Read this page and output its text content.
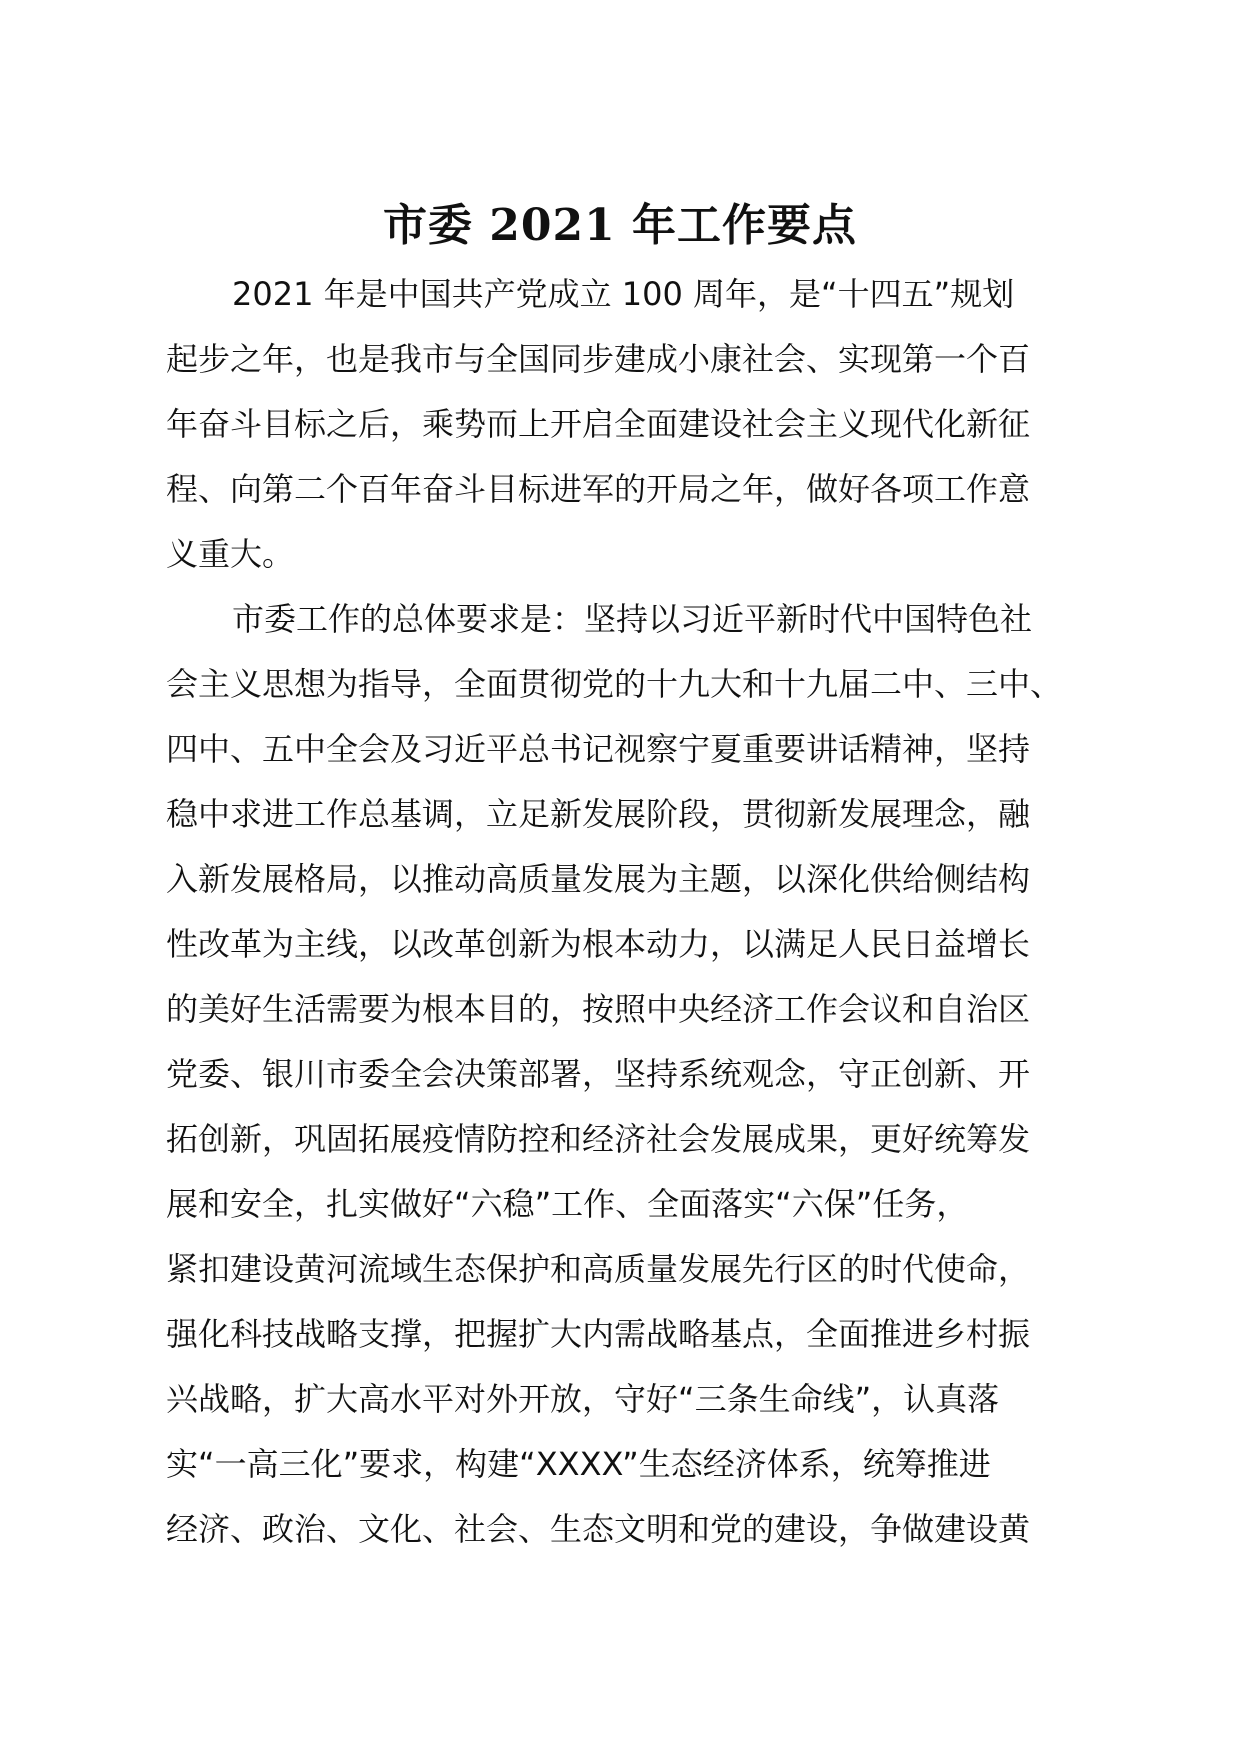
市委 2021 年工作要点
2021 年是中国共产党成立 100 周年，是“十四五”规划
起步之年，也是我市与全国同步建成小康社会、实现第一个百
年奋斗目标之后，乘势而上开启全面建设社会主义现代化新征
程、向第二个百年奋斗目标进军的开局之年，做好各项工作意
义重大。
市委工作的总体要求是：坚持以习近平新时代中国特色社
会主义思想为指导，全面贯彻党的十九大和十九届二中、三中、
四中、五中全会及习近平总书记视察宁夏重要讲话精神，坚持
稳中求进工作总基调，立足新发展阶段，贯彻新发展理念，融
入新发展格局，以推动高质量发展为主题，以深化供给侧结构
性改革为主线，以改革创新为根本动力，以满足人民日益增长
的美好生活需要为根本目的，按照中央经济工作会议和自治区
党委、银川市委全会决策部署，坚持系统观念，守正创新、开
拓创新，巩固拓展疫情防控和经济社会发展成果，更好统筹发
展和安全，扎实做好“六稳”工作、全面落实“六保”任务，
紧扣建设黄河流域生态保护和高质量发展先行区的时代使命，
强化科技战略支撑，把握扩大内需战略基点，全面推进乡村振
兴战略，扩大高水平对外开放，守好“三条生命线”，认真落
实“一高三化”要求，构建“XXXX”生态经济体系，统筹推进
经济、政治、文化、社会、生态文明和党的建设，争做建设黄
